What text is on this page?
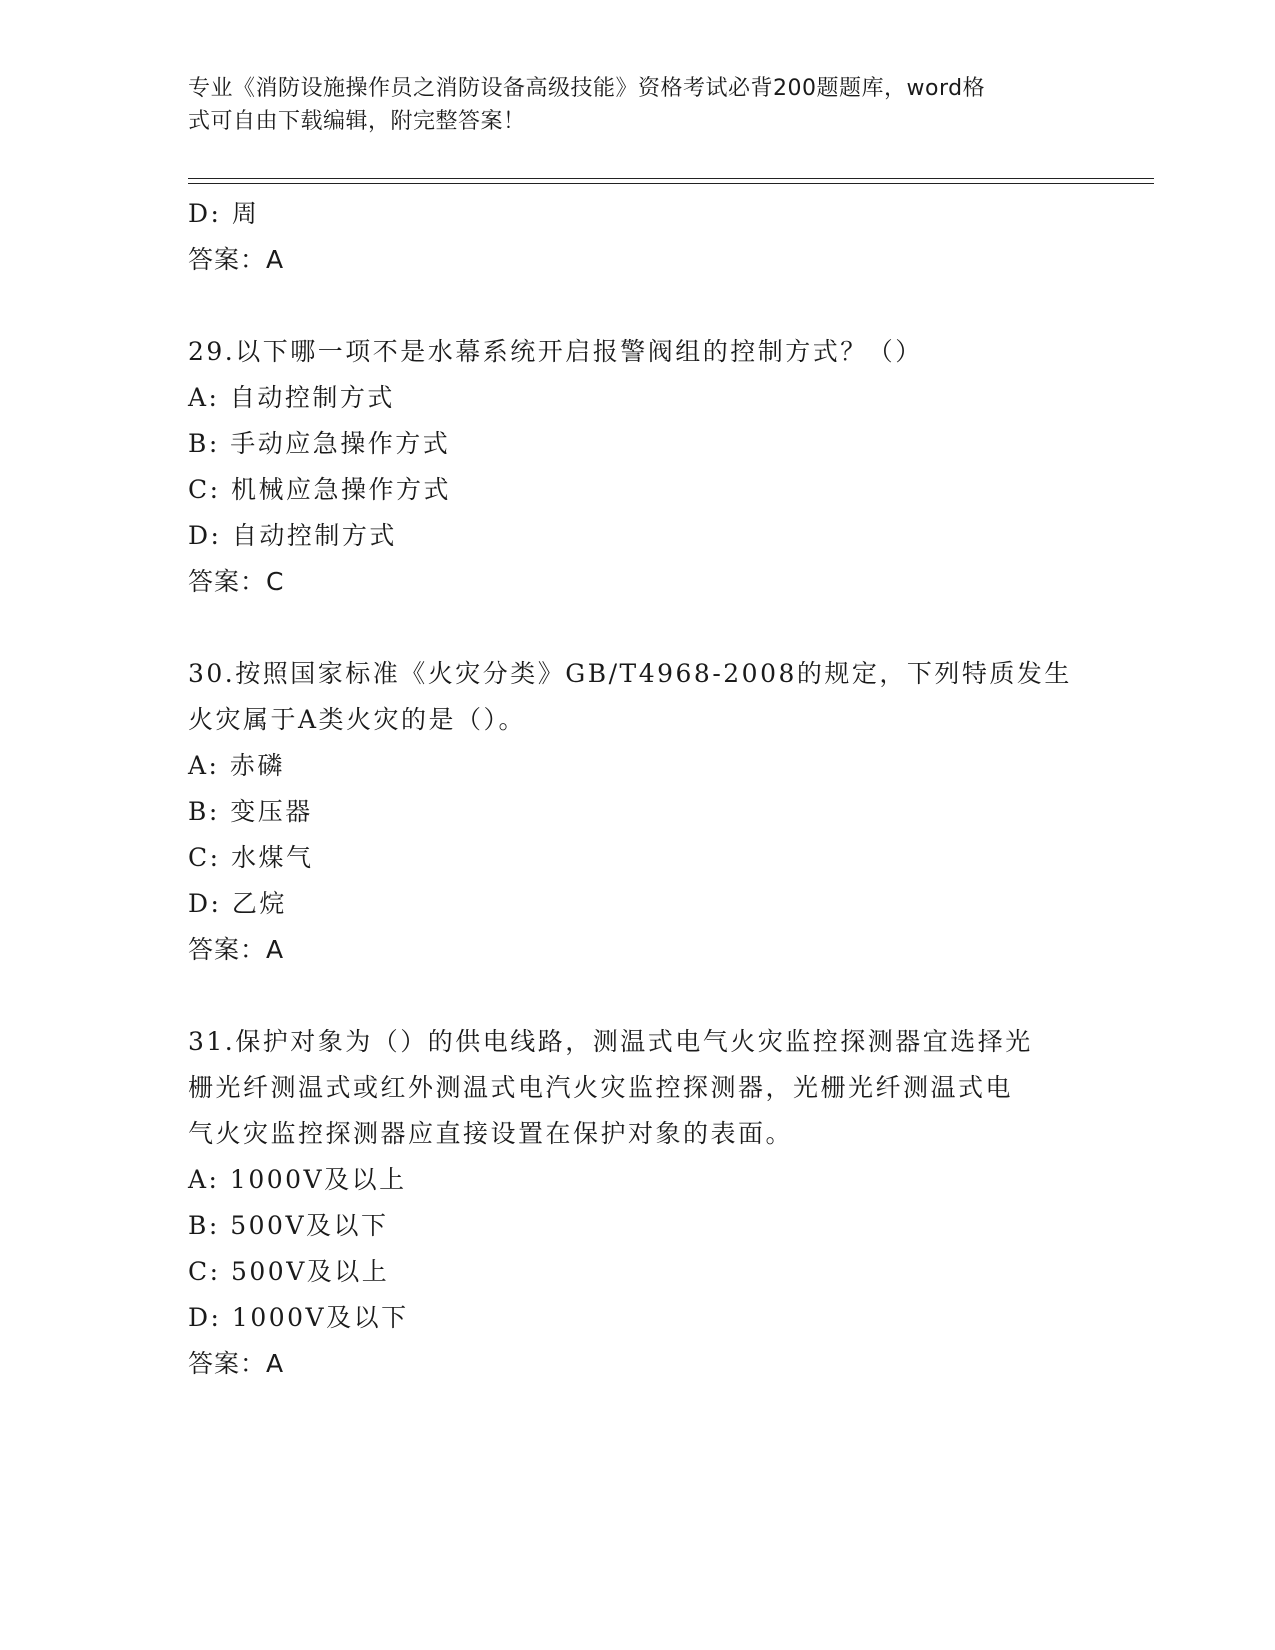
专业《消防设施操作员之消防设备高级技能》资格考试必背200题题库，word格
式可自由下载编辑，附完整答案！
D: 周
答案：A
29.以下哪一项不是水幕系统开启报警阀组的控制方式？（）
A: 自动控制方式
B: 手动应急操作方式
C: 机械应急操作方式
D: 自动控制方式
答案：C
30.按照国家标准《火灾分类》GB/T4968-2008的规定，下列特质发生
火灾属于A类火灾的是（）。
A: 赤磷
B: 变压器
C: 水煤气
D: 乙烷
答案：A
31.保护对象为（）的供电线路，测温式电气火灾监控探测器宜选择光
栅光纤测温式或红外测温式电汽火灾监控探测器，光栅光纤测温式电
气火灾监控探测器应直接设置在保护对象的表面。
A: 1000V及以上
B: 500V及以下
C: 500V及以上
D: 1000V及以下
答案：A
